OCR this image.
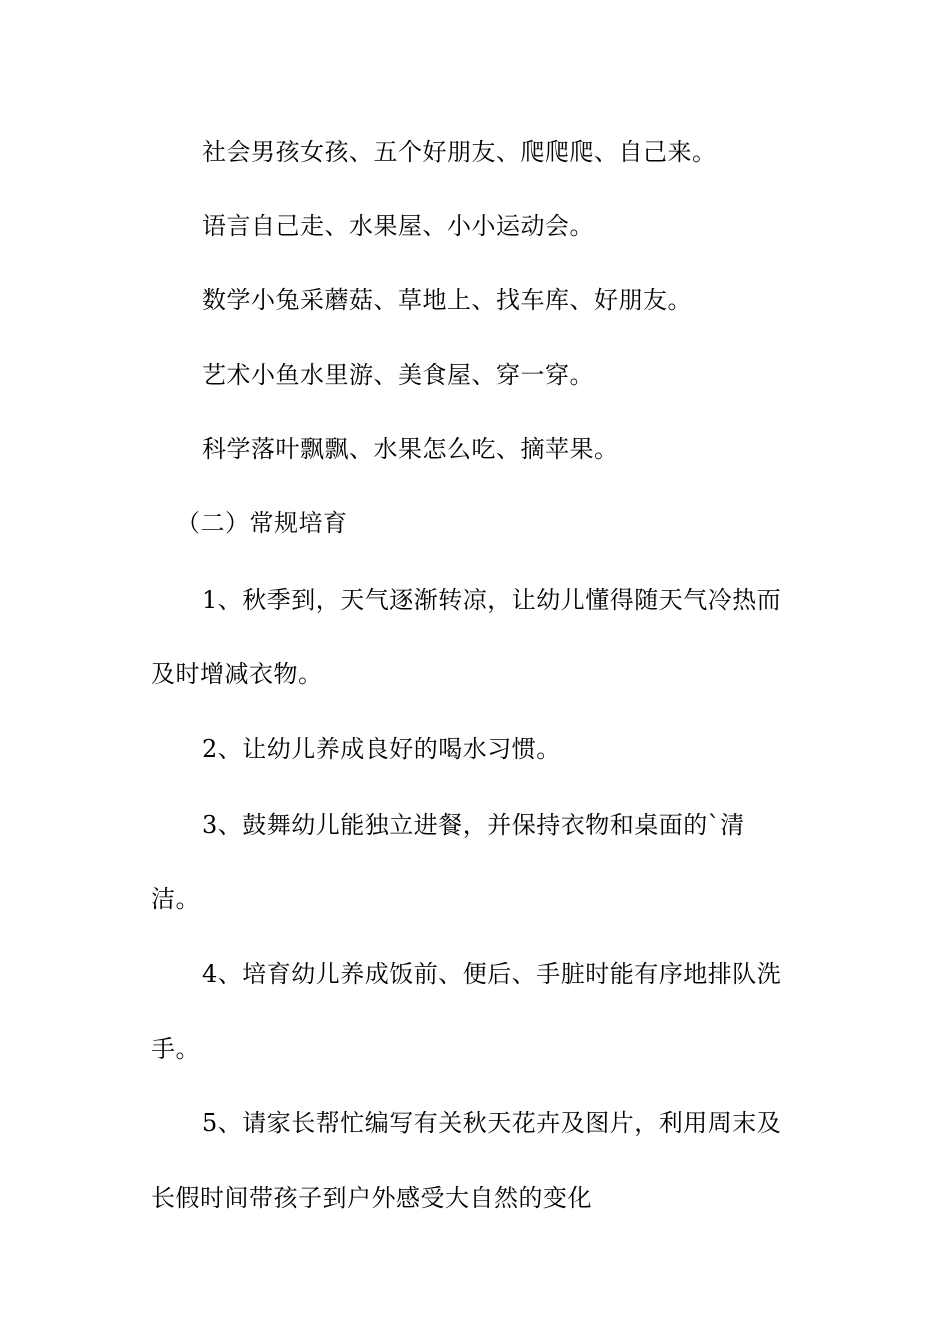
社会男孩女孩、五个好朋友、爬爬爬、自己来。

语言自己走、水果屋、小小运动会。

数学小兔采蘑菇、草地上、找车库、好朋友。

艺术小鱼水里游、美食屋、穿一穿。

科学落叶飘飘、水果怎么吃、摘苹果。

（二）常规培育

1、秋季到，天气逐渐转凉，让幼儿懂得随天气冷热而

及时增减衣物。

2、让幼儿养成良好的喝水习惯。

3、鼓舞幼儿能独立进餐，并保持衣物和桌面的`清

洁。

4、培育幼儿养成饭前、便后、手脏时能有序地排队洗

手。

5、请家长帮忙编写有关秋天花卉及图片，利用周末及

长假时间带孩子到户外感受大自然的变化
